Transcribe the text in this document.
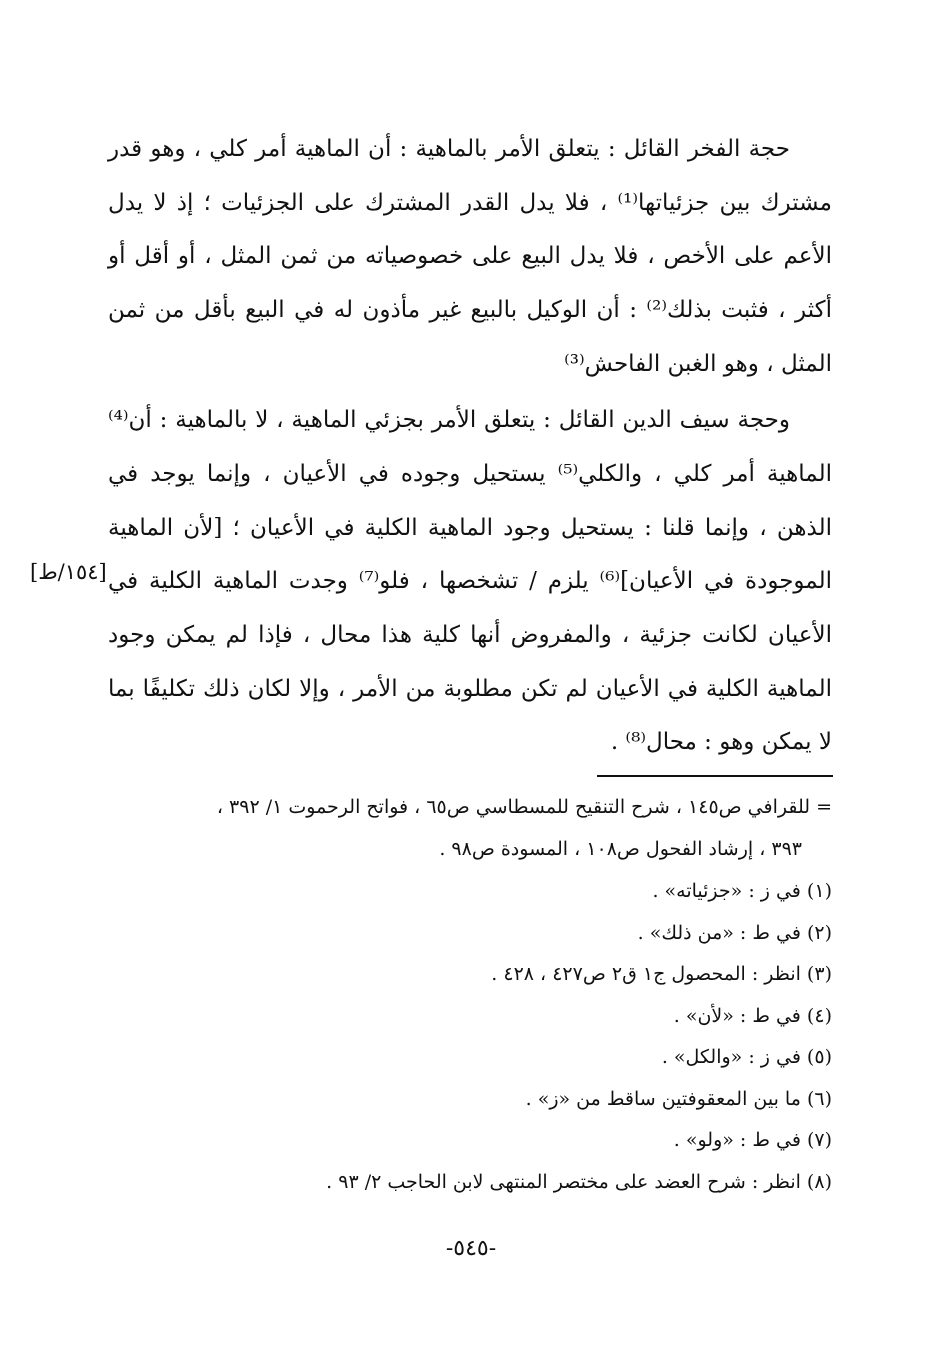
حجة الفخر القائل : يتعلق الأمر بالماهية : أن الماهية أمر كلي ، وهو قدر
مشترك بين جزئياتها⁽¹⁾ ، فلا يدل القدر المشترك على الجزئيات ؛ إذ لا يدل
الأعم على الأخص ، فلا يدل البيع على خصوصياته من ثمن المثل ، أو أقل أو
أكثر ، فثبت بذلك⁽²⁾ : أن الوكيل بالبيع غير مأذون له في البيع بأقل من ثمن
المثل ، وهو الغبن الفاحش⁽³⁾
وحجة سيف الدين القائل : يتعلق الأمر بجزئي الماهية ، لا بالماهية : أن⁽⁴⁾
الماهية أمر كلي ، والكلي⁽⁵⁾ يستحيل وجوده في الأعيان ، وإنما يوجد في
الذهن ، وإنما قلنا : يستحيل وجود الماهية الكلية في الأعيان ؛ [لأن الماهية
الموجودة في الأعيان]⁽⁶⁾ يلزم / تشخصها ، فلو⁽⁷⁾ وجدت الماهية الكلية في
الأعيان لكانت جزئية ، والمفروض أنها كلية هذا محال ، فإذا لم يمكن وجود
الماهية الكلية في الأعيان لم تكن مطلوبة من الأمر ، وإلا لكان ذلك تكليفًا بما
لا يمكن وهو : محال⁽⁸⁾ .
[١٥٤/ط]
= للقرافي ص١٤٥ ، شرح التنقيح للمسطاسي ص٦٥ ، فواتح الرحموت ١/ ٣٩٢ ،
٣٩٣ ، إرشاد الفحول ص١٠٨ ، المسودة ص٩٨ .
(١) في ز : «جزئياته» .
(٢) في ط : «من ذلك» .
(٣) انظر : المحصول ج١ ق٢ ص٤٢٧ ، ٤٢٨ .
(٤) في ط : «لأن» .
(٥) في ز : «والكل» .
(٦) ما بين المعقوفتين ساقط من «ز» .
(٧) في ط : «ولو» .
(٨) انظر : شرح العضد على مختصر المنتهى لابن الحاجب ٢/ ٩٣ .
-٥٤٥-
